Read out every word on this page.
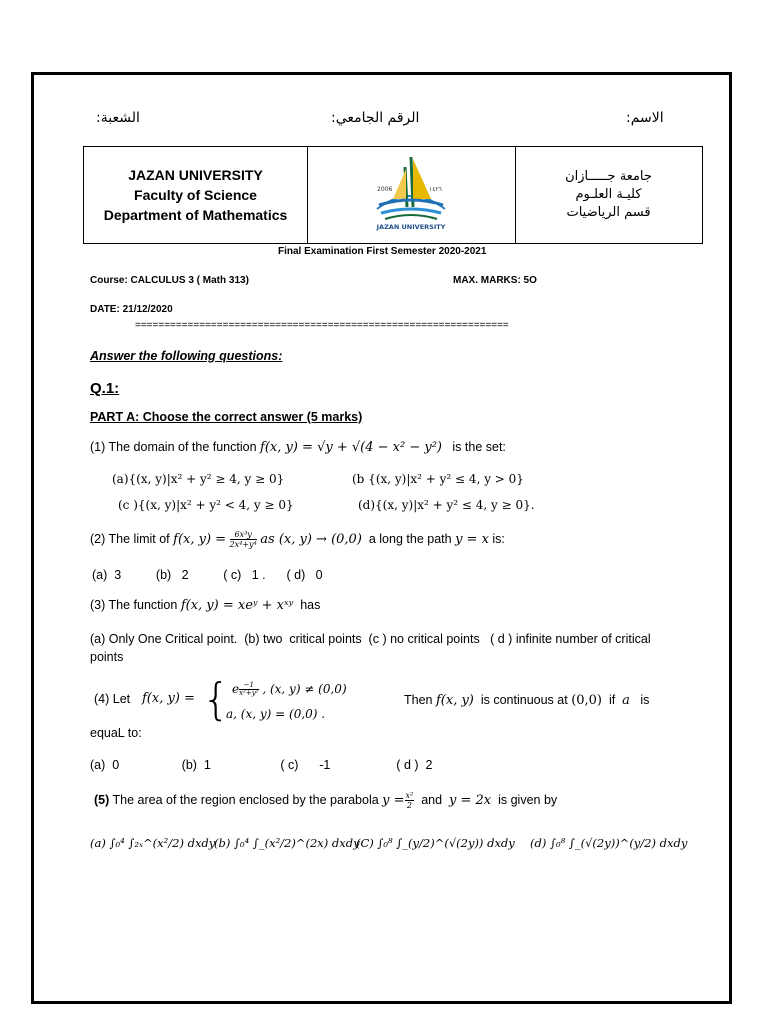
الاسم:
الرقم الجامعي:
الشعبة:
JAZAN UNIVERSITY
Faculty of Science
Department of Mathematics
2006	١٤٢٦
JAZAN UNIVERSITY
جامعة جـــــازان
كليـة العلـوم
قسم الرياضيات
Final Examination First Semester 2020-2021
Course: CALCULUS 3 ( Math 313)	MAX. MARKS: 5O
DATE: 21/12/2020
================================================================
Answer the following questions:
Q.1:
PART A: Choose the correct answer (5 marks)
(1) The domain of the function f(x, y) = √y + √(4 − x² − y²) is the set:
(a){(x, y)|x² + y² ≥ 4, y ≥ 0}	(b {(x, y)|x² + y² ≤ 4, y > 0}
(c ){(x, y)|x² + y² < 4, y ≥ 0}	(d){(x, y)|x² + y² ≤ 4, y ≥ 0}.
(2) The limit of f(x, $y) = \frac{\text{6x³y}}{\text{2x⁴+y⁴}}$ as (x, y) → (0,0) a long the path y = x is:
(a)  3          (b)   2          ( c)   1 .      ( d)   0
(3) The function f(x, y) = xeʸ + xˣʸ has
(a) Only One Critical point.  (b) two  critical points  (c ) no critical points   ( d ) infinite number of critical
points
(4) Let f(x, y) = { e $\frac{-1}{\text{x²+y²}}$ , (x, y) ≠ (0,0)
a, (x, y) = (0,0) .
Then f(x, y) is continuous at (0,0) if a is
equaL to:
(a)  0                  (b)  1                    ( c)      -1                   ( d )  2
(5) The area of the region enclosed by the parabola $y = \frac{\text{x²}}{2}$ and y = 2x is given by
(a) ∫₀⁴ ∫₂ₓ^(x²/2) dxdy
(b) ∫₀⁴ ∫_(x²/2)^(2x) dxdy
(C) ∫₀⁸ ∫_(y/2)^(√(2y)) dxdy (d) ∫₀⁸ ∫_(√(2y))^(y/2) dxdy
